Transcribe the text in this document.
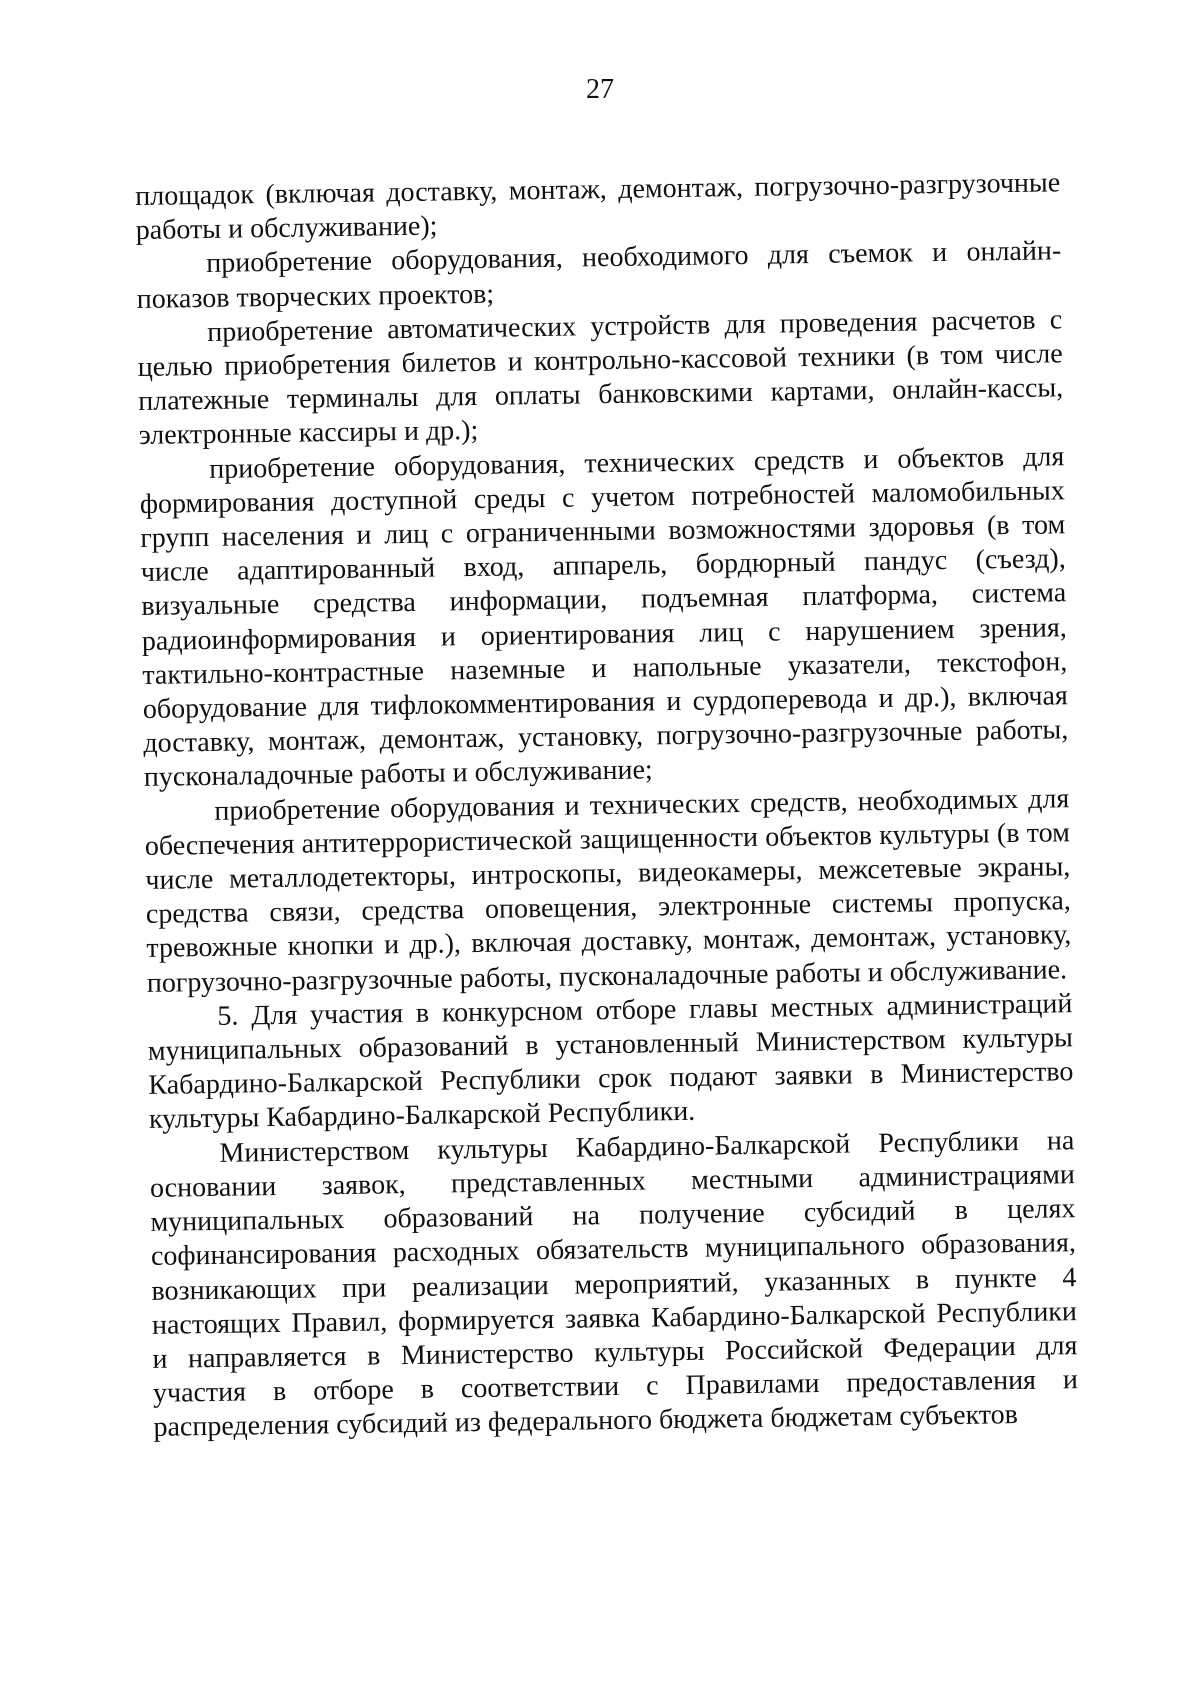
27

площадок (включая доставку, монтаж, демонтаж, погрузочно-разгрузочные работы и обслуживание);

приобретение оборудования, необходимого для съемок и онлайн-показов творческих проектов;

приобретение автоматических устройств для проведения расчетов с целью приобретения билетов и контрольно-кассовой техники (в том числе платежные терминалы для оплаты банковскими картами, онлайн-кассы, электронные кассиры и др.);

приобретение оборудования, технических средств и объектов для формирования доступной среды с учетом потребностей маломобильных групп населения и лиц с ограниченными возможностями здоровья (в том числе адаптированный вход, аппарель, бордюрный пандус (съезд), визуальные средства информации, подъемная платформа, система радиоинформирования и ориентирования лиц с нарушением зрения, тактильно-контрастные наземные и напольные указатели, текстофон, оборудование для тифлокомментирования и сурдоперевода и др.), включая доставку, монтаж, демонтаж, установку, погрузочно-разгрузочные работы, пусконаладочные работы и обслуживание;

приобретение оборудования и технических средств, необходимых для обеспечения антитеррористической защищенности объектов культуры (в том числе металлодетекторы, интроскопы, видеокамеры, межсетевые экраны, средства связи, средства оповещения, электронные системы пропуска, тревожные кнопки и др.), включая доставку, монтаж, демонтаж, установку, погрузочно-разгрузочные работы, пусконаладочные работы и обслуживание.

5. Для участия в конкурсном отборе главы местных администраций муниципальных образований в установленный Министерством культуры Кабардино-Балкарской Республики срок подают заявки в Министерство культуры Кабардино-Балкарской Республики.

Министерством культуры Кабардино-Балкарской Республики на основании заявок, представленных местными администрациями муниципальных образований на получение субсидий в целях софинансирования расходных обязательств муниципального образования, возникающих при реализации мероприятий, указанных в пункте 4 настоящих Правил, формируется заявка Кабардино-Балкарской Республики и направляется в Министерство культуры Российской Федерации для участия в отборе в соответствии с Правилами предоставления и распределения субсидий из федерального бюджета бюджетам субъектов
